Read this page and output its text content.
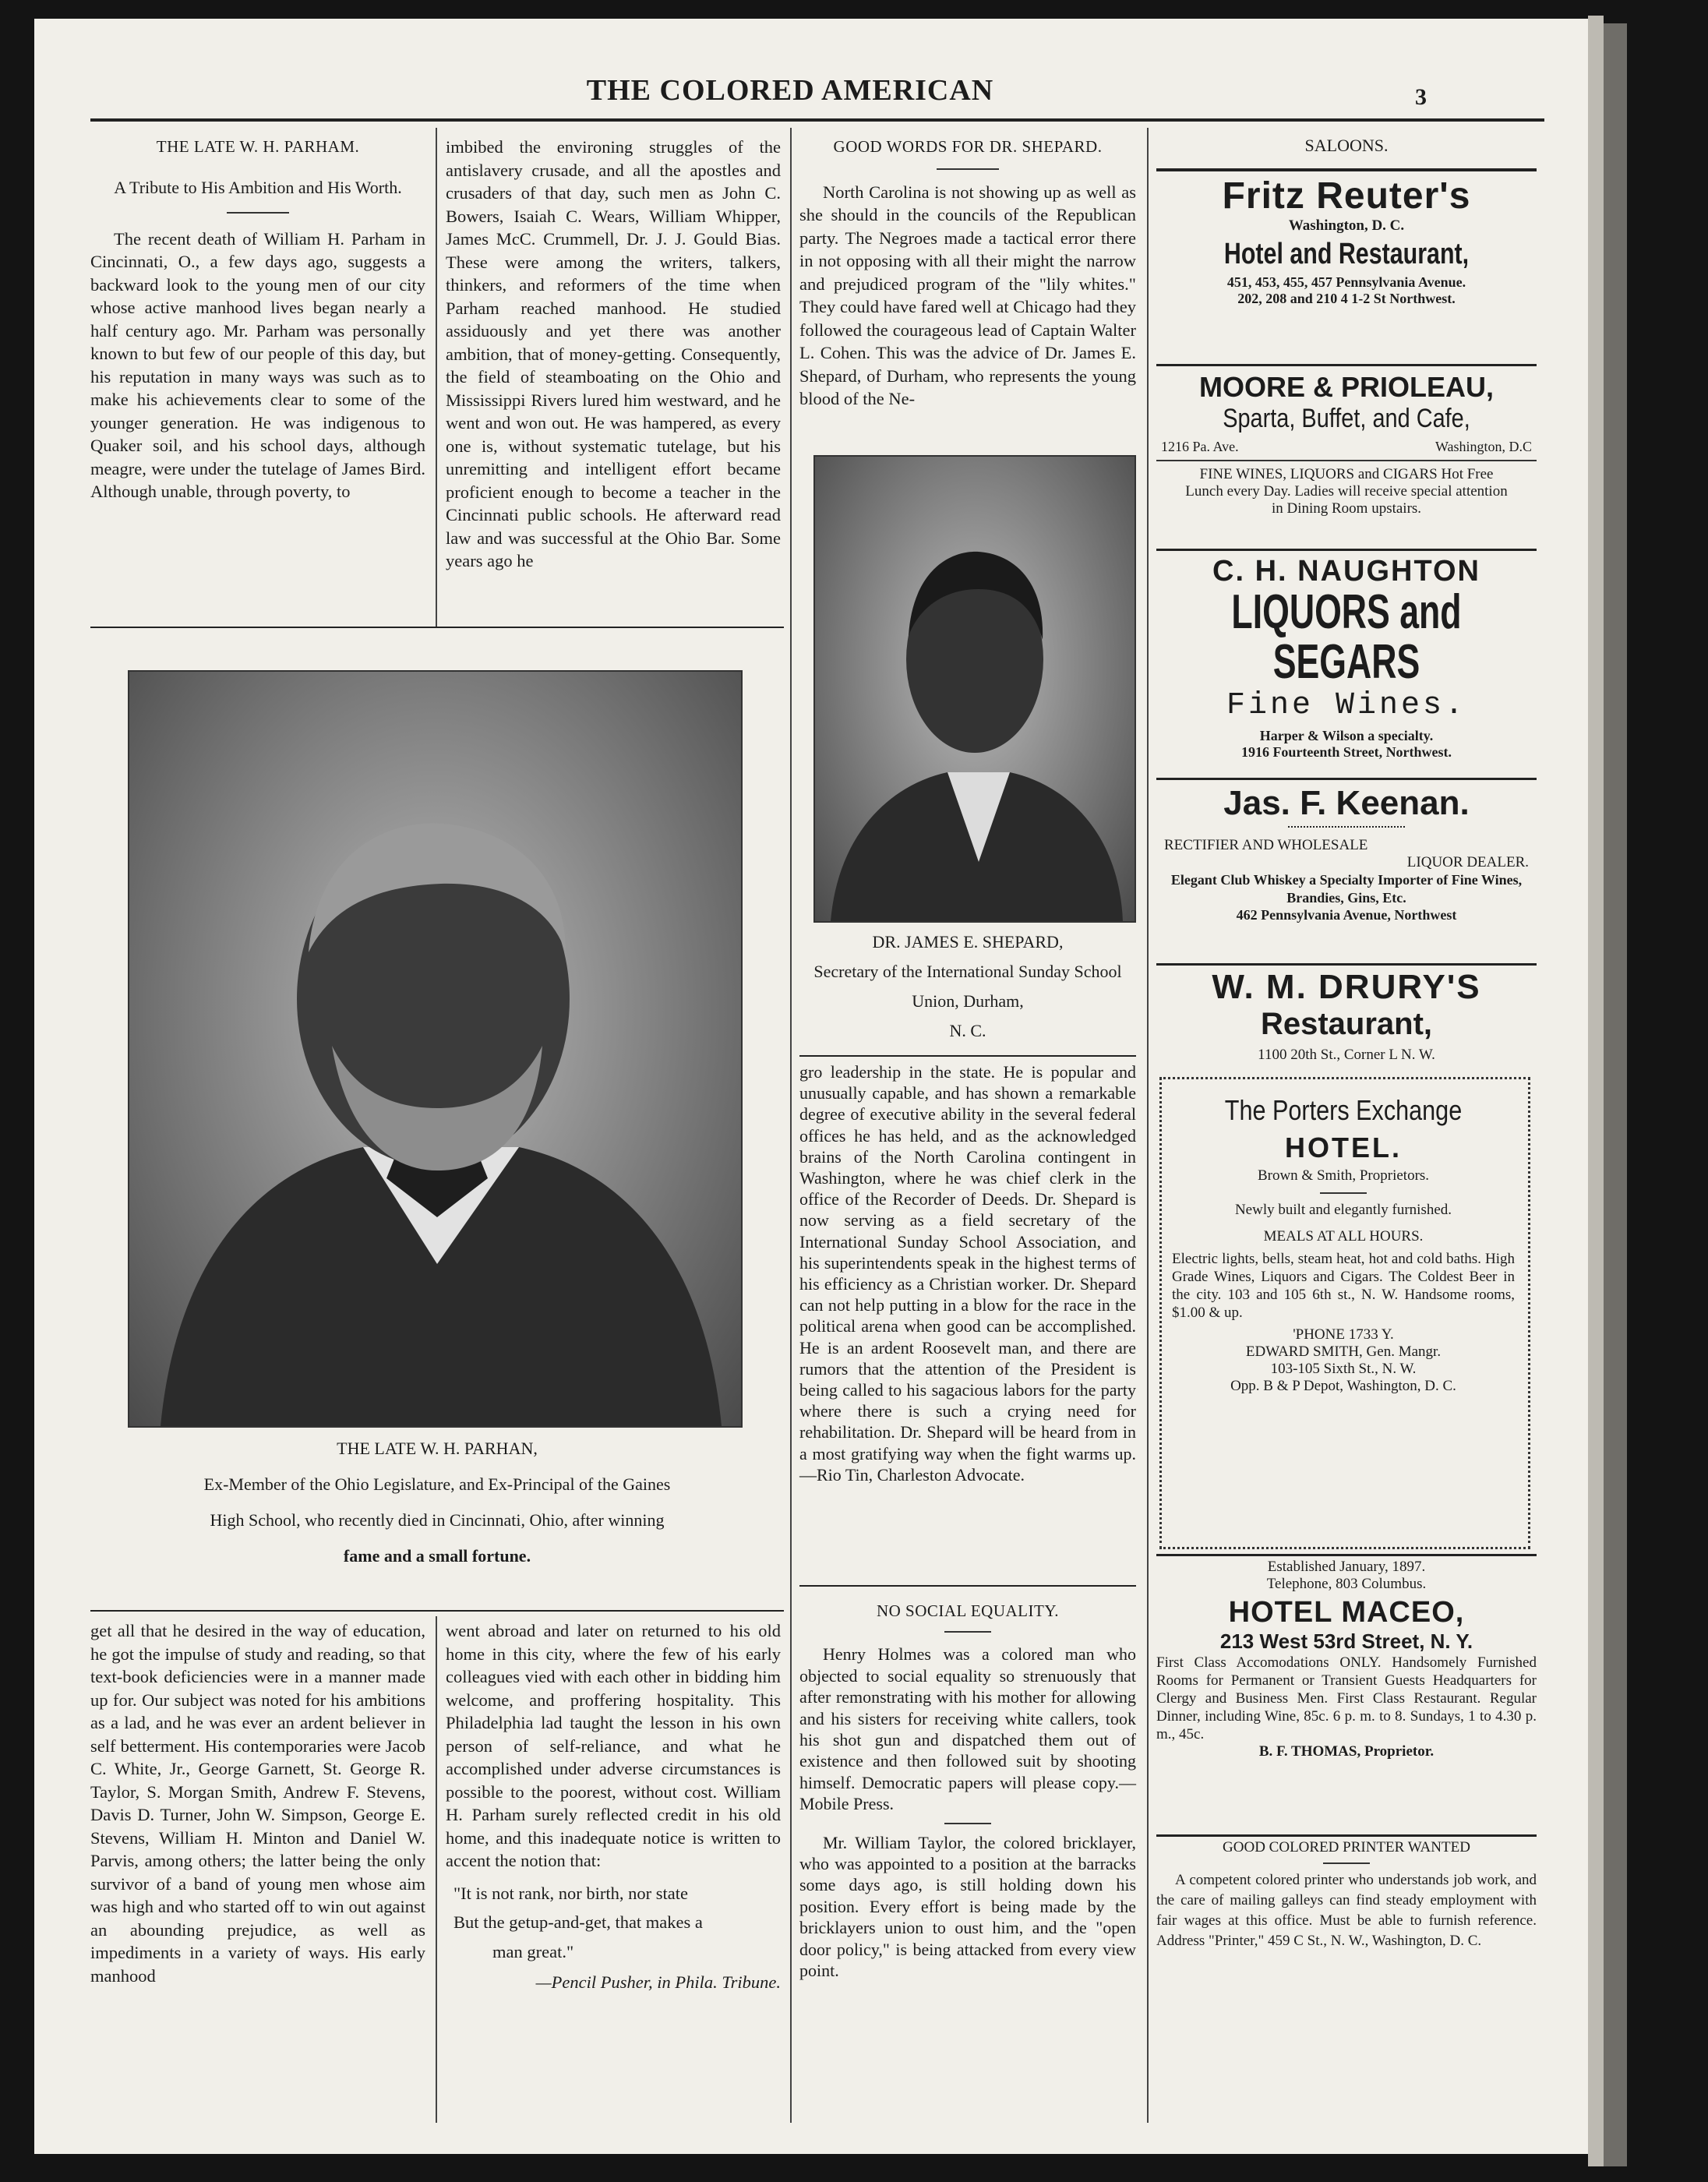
THE COLORED AMERICAN	3
THE LATE W. H. PARHAM.
A Tribute to His Ambition and His Worth.

The recent death of William H. Parham in Cincinnati, O., a few days ago, suggests a backward look to the young men of our city whose active manhood lives began nearly a half century ago. Mr. Parham was personally known to but few of our people of this day, but his reputation in many ways was such as to make his achievements clear to some of the younger generation. He was indigenous to Quaker soil, and his school days, although meagre, were under the tutelage of James Bird. Although unable, through poverty, to

imbibed the environing struggles of the antislavery crusade, and all the apostles and crusaders of that day, such men as John C. Bowers, Isaiah C. Wears, William Whipper, James McC. Crummell, Dr. J. J. Gould Bias. These were among the writers, talkers, thinkers, and reformers of the time when Parham reached manhood. He studied assiduously and yet there was another ambition, that of money-getting. Consequently, the field of steamboating on the Ohio and Mississippi Rivers lured him westward, and he went and won out. He was hampered, as every one is, without systematic tutelage, but his unremitting and intelligent effort became proficient enough to become a teacher in the Cincinnati public schools. He afterward read law and was successful at the Ohio Bar. Some years ago he

THE LATE W. H. PARHAN,
Ex-Member of the Ohio Legislature, and Ex-Principal of the Gaines
High School, who recently died in Cincinnati, Ohio, after winning
fame and a small fortune.

get all that he desired in the way of education, he got the impulse of study and reading, so that text-book deficiencies were in a manner made up for. Our subject was noted for his ambitions as a lad, and he was ever an ardent believer in self betterment. His contemporaries were Jacob C. White, Jr., George Garnett, St. George R. Taylor, S. Morgan Smith, Andrew F. Stevens, Davis D. Turner, John W. Simpson, George E. Stevens, William H. Minton and Daniel W. Parvis, among others; the latter being the only survivor of a band of young men whose aim was high and who started off to win out against an abounding prejudice, as well as impediments in a variety of ways. His early manhood

went abroad and later on returned to his old home in this city, where the few of his early colleagues vied with each other in bidding him welcome, and proffering hospitality. This Philadelphia lad taught the lesson in his own person of self-reliance, and what he accomplished under adverse circumstances is possible to the poorest, without cost. William H. Parham surely reflected credit in his old home, and this inadequate notice is written to accent the notion that:

"It is not rank, nor birth, nor state
But the getup-and-get, that makes a
man great."
—Pencil Pusher, in Phila. Tribune.
GOOD WORDS FOR DR. SHEPARD.

North Carolina is not showing up as well as she should in the councils of the Republican party. The Negroes made a tactical error there in not opposing with all their might the narrow and prejudiced program of the "lily whites." They could have fared well at Chicago had they followed the courageous lead of Captain Walter L. Cohen. This was the advice of Dr. James E. Shepard, of Durham, who represents the young blood of the Ne-

DR. JAMES E. SHEPARD,
Secretary of the International Sunday School Union, Durham,
N. C.

gro leadership in the state. He is popular and unusually capable, and has shown a remarkable degree of executive ability in the several federal offices he has held, and as the acknowledged brains of the North Carolina contingent in Washington, where he was chief clerk in the office of the Recorder of Deeds. Dr. Shepard is now serving as a field secretary of the International Sunday School Association, and his superintendents speak in the highest terms of his efficiency as a Christian worker. Dr. Shepard can not help putting in a blow for the race in the political arena when good can be accomplished. He is an ardent Roosevelt man, and there are rumors that the attention of the President is being called to his sagacious labors for the party where there is such a crying need for rehabilitation. Dr. Shepard will be heard from in a most gratifying way when the fight warms up.—Rio Tin, Charleston Advocate.

NO SOCIAL EQUALITY.

Henry Holmes was a colored man who objected to social equality so strenuously that after remonstrating with his mother for allowing and his sisters for receiving white callers, took his shot gun and dispatched them out of existence and then followed suit by shooting himself. Democratic papers will please copy.—Mobile Press.

Mr. William Taylor, the colored bricklayer, who was appointed to a position at the barracks some days ago, is still holding down his position. Every effort is being made by the bricklayers union to oust him, and the "open door policy," is being attacked from every view point.

SALOONS.
Fritz Reuter's
Washington, D. C.
Hotel and Restaurant,
451, 453, 455, 457 Pennsylvania Avenue.
202, 208 and 210 4 1-2 St Northwest.
MOORE & PRIOLEAU,
Sparta, Buffet, and Cafe,
1216 Pa. Ave.	Washington, D.C
FINE WINES, LIQUORS and CIGARS Hot Free Lunch every Day. Ladies will receive special attention in Dining Room upstairs.
C. H. NAUGHTON
LIQUORS and
SEGARS
Fine Wines.
Harper & Wilson a specialty.
1916 Fourteenth Street, Northwest.
Jas. F. Keenan.
RECTIFIER AND WHOLESALE
LIQUOR DEALER.
Elegant Club Whiskey a Specialty Importer of Fine Wines, Brandies, Gins, Etc.
462 Pennsylvania Avenue, Northwest
W. M. DRURY'S
Restaurant,
1100 20th St., Corner L N. W.
The Porters Exchange
HOTEL.
Brown & Smith, Proprietors.
Newly built and elegantly furnished.
MEALS AT ALL HOURS.
Electric lights, bells, steam heat, hot and cold baths. High Grade Wines, Liquors and Cigars. The Coldest Beer in the city. 103 and 105 6th st., N. W. Handsome rooms, $1.00 & up.
'PHONE 1733 Y.
EDWARD SMITH, Gen. Mangr.
103-105 Sixth St., N. W.
Opp. B & P Depot, Washington, D. C.
Established January, 1897.
Telephone, 803 Columbus.
HOTEL MACEO,
213 West 53rd Street, N. Y.
First Class Accomodations ONLY. Handsomely Furnished Rooms for Permanent or Transient Guests Headquarters for Clergy and Business Men. First Class Restaurant. Regular Dinner, including Wine, 85c. 6 p. m. to 8. Sundays, 1 to 4.30 p. m., 45c.
B. F. THOMAS, Proprietor.
GOOD COLORED PRINTER WANTED
A competent colored printer who understands job work, and the care of mailing galleys can find steady employment with fair wages at this office. Must be able to furnish reference. Address "Printer," 459 C St., N. W., Washington, D. C.
